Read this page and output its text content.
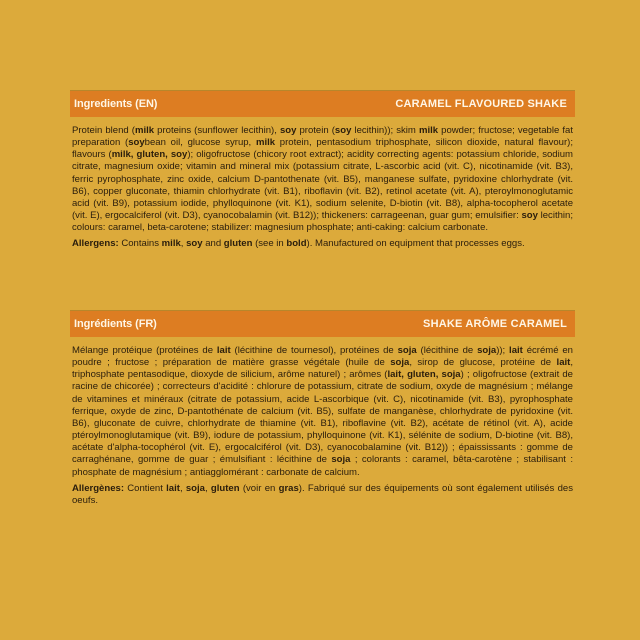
Ingredients (EN)	CARAMEL FLAVOURED SHAKE

Protein blend (milk proteins (sunflower lecithin), soy protein (soy lecithin)); skim milk powder; fructose; vegetable fat preparation (soybean oil, glucose syrup, milk protein, pentasodium triphosphate, silicon dioxide, natural flavour); flavours (milk, gluten, soy); oligofructose (chicory root extract); acidity correcting agents: potassium chloride, sodium citrate, magnesium oxide; vitamin and mineral mix (potassium citrate, L-ascorbic acid (vit. C), nicotinamide (vit. B3), ferric pyrophosphate, zinc oxide, calcium D-pantothenate (vit. B5), manganese sulfate, pyridoxine chlorhydrate (vit. B6), copper gluconate, thiamin chlorhydrate (vit. B1), riboflavin (vit. B2), retinol acetate (vit. A), pteroylmonoglutamic acid (vit. B9), potassium iodide, phylloquinone (vit. K1), sodium selenite, D-biotin (vit. B8), alpha-tocopherol acetate (vit. E), ergocalciferol (vit. D3), cyanocobalamin (vit. B12)); thickeners: carrageenan, guar gum; emulsifier: soy lecithin; colours: caramel, beta-carotene; stabilizer: magnesium phosphate; anti-caking: calcium carbonate.

Allergens: Contains milk, soy and gluten (see in bold). Manufactured on equipment that processes eggs.

Ingrédients (FR)	SHAKE ARÔME CARAMEL

Mélange protéique (protéines de lait (lécithine de tournesol), protéines de soja (lécithine de soja)); lait écrémé en poudre ; fructose ; préparation de matière grasse végétale (huile de soja, sirop de glucose, protéine de lait, triphosphate pentasodique, dioxyde de silicium, arôme naturel) ; arômes (lait, gluten, soja) ; oligofructose (extrait de racine de chicorée) ; correcteurs d'acidité : chlorure de potassium, citrate de sodium, oxyde de magnésium ; mélange de vitamines et minéraux (citrate de potassium, acide L-ascorbique (vit. C), nicotinamide (vit. B3), pyrophosphate ferrique, oxyde de zinc, D-pantothénate de calcium (vit. B5), sulfate de manganèse, chlorhydrate de pyridoxine (vit. B6), gluconate de cuivre, chlorhydrate de thiamine (vit. B1), riboflavine (vit. B2), acétate de rétinol (vit. A), acide ptéroylmonoglutamique (vit. B9), iodure de potassium, phylloquinone (vit. K1), sélénite de sodium, D-biotine (vit. B8), acétate d'alpha-tocophérol (vit. E), ergocalciférol (vit. D3), cyanocobalamine (vit. B12)) ; épaississants : gomme de carraghénane, gomme de guar ; émulsifiant : lécithine de soja ; colorants : caramel, bêta-carotène ; stabilisant : phosphate de magnésium ; antiagglomérant : carbonate de calcium.

Allergènes: Contient lait, soja, gluten (voir en gras). Fabriqué sur des équipements où sont également utilisés des oeufs.
